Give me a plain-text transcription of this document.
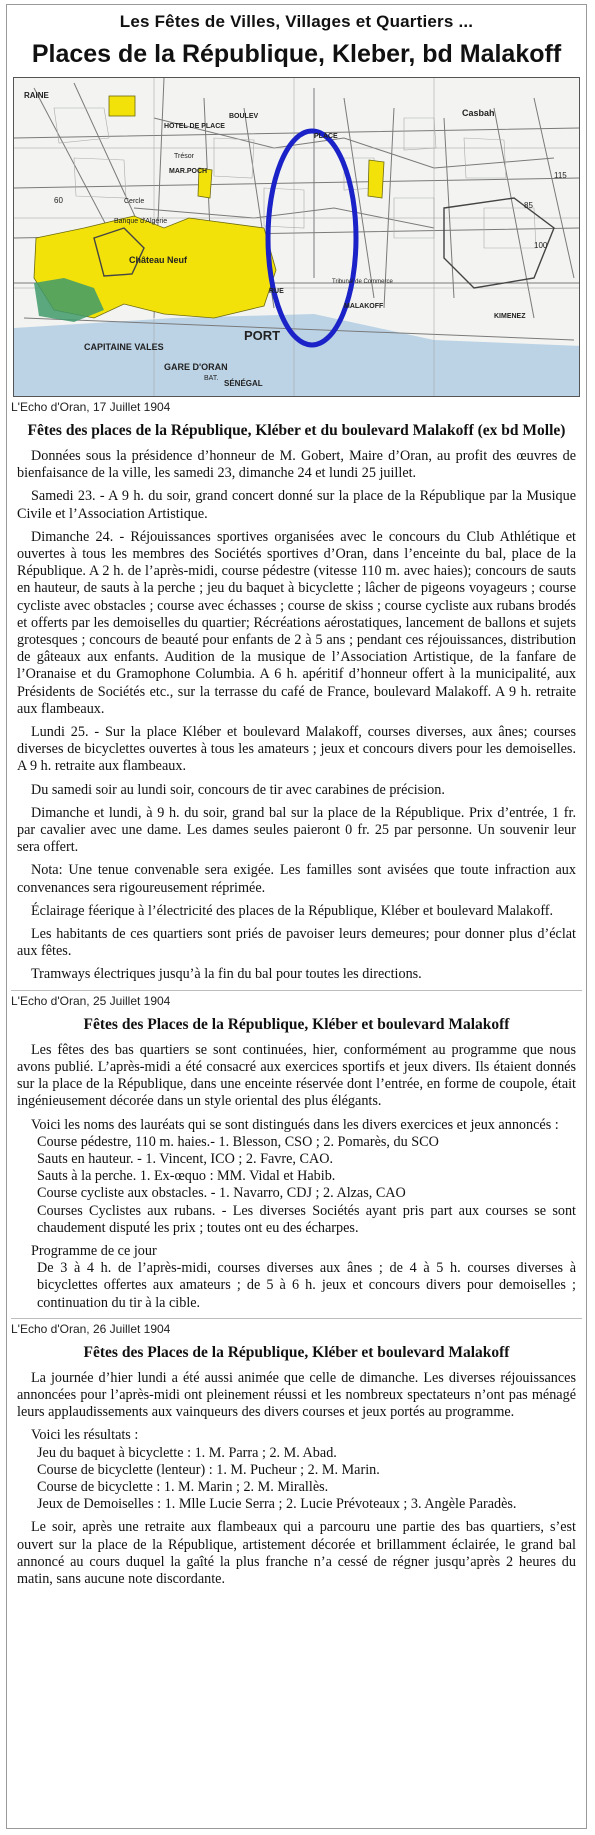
Les Fêtes de Villes, Villages et Quartiers ...
Places de la République, Kleber, bd Malakoff
RAINE
HOTEL DE PLACE
Trésor
MAR.POCH
Cercle
Banque d'Algérie
Château Neuf
BOULEV
PORT
RUE
CAPITAINE VALES
GARE D'ORAN
SÉNÉGAL
Casbah
MALAKOFF
Tribunal de Commerce
PLACE
85
115
100
60
BAT.
KIMENEZ
L'Echo d'Oran, 17 Juillet 1904
Fêtes des places de la République, Kléber et du boulevard Malakoff (ex bd Molle)

Données sous la présidence d’honneur de M. Gobert, Maire d’Oran, au profit des œuvres de bienfaisance de la ville, les samedi 23, dimanche 24 et lundi 25 juillet.

Samedi 23. - A 9 h. du soir, grand concert donné sur la place de la République par la Musique Civile et l’Association Artistique.

Dimanche 24. - Réjouissances sportives organisées avec le concours du Club Athlétique et ouvertes à tous les membres des Sociétés sportives d’Oran, dans l’enceinte du bal, place de la République. A 2 h. de l’après-midi, course pédestre (vitesse 110 m. avec haies); concours de sauts en hauteur, de sauts à la perche ; jeu du baquet à bicyclette ; lâcher de pigeons voyageurs ; course cycliste avec obstacles ; course avec échasses ; course de skiss ; course cycliste aux rubans brodés et offerts par les demoiselles du quartier; Récréations aérostatiques, lancement de ballons et sujets grotesques ; concours de beauté pour enfants de 2 à 5 ans ; pendant ces réjouissances, distribution de gâteaux aux enfants. Audition de la musique de l’Association Artistique, de la fanfare de l’Oranaise et du Gramophone Columbia. A 6 h. apéritif d’honneur offert à la municipalité, aux Présidents de Sociétés etc., sur la terrasse du café de France, boulevard Malakoff. A 9 h. retraite aux flambeaux.

Lundi 25. - Sur la place Kléber et boulevard Malakoff, courses diverses, aux ânes; courses diverses de bicyclettes ouvertes à tous les amateurs ; jeux et concours divers pour les demoiselles. A 9 h. retraite aux flambeaux.

Du samedi soir au lundi soir, concours de tir avec carabines de précision.

Dimanche et lundi, à 9 h. du soir, grand bal sur la place de la République. Prix d’entrée, 1 fr. par cavalier avec une dame. Les dames seules paieront 0 fr. 25 par personne. Un souvenir leur sera offert.

Nota: Une tenue convenable sera exigée. Les familles sont avisées que toute infraction aux convenances sera rigoureusement réprimée.

Éclairage féerique à l’électricité des places de la République, Kléber et boulevard Malakoff.

Les habitants de ces quartiers sont priés de pavoiser leurs demeures; pour donner plus d’éclat aux fêtes.

Tramways électriques jusqu’à la fin du bal pour toutes les directions.

L'Echo d'Oran, 25 Juillet 1904
Fêtes des Places de la République, Kléber et boulevard Malakoff

Les fêtes des bas quartiers se sont continuées, hier, conformément au programme que nous avons publié. L’après-midi a été consacré aux exercices sportifs et jeux divers. Ils étaient donnés sur la place de la République, dans une enceinte réservée dont l’entrée, en forme de coupole, était ingénieusement décorée dans un style oriental des plus élégants.

Voici les noms des lauréats qui se sont distingués dans les divers exercices et jeux annoncés :

Course pédestre, 110 m. haies.- 1. Blesson, CSO ; 2. Pomarès, du SCO
Sauts en hauteur. - 1. Vincent, ICO ; 2. Favre, CAO.
Sauts à la perche. 1. Ex-œquo : MM. Vidal et Habib.
Course cycliste aux obstacles. - 1. Navarro, CDJ ; 2. Alzas, CAO
Courses Cyclistes aux rubans. - Les diverses Sociétés ayant pris part aux courses se sont chaudement disputé les prix ; toutes ont eu des écharpes.

Programme de ce jour

De 3 à 4 h. de l’après-midi, courses diverses aux ânes ; de 4 à 5 h. courses diverses à bicyclettes offertes aux amateurs ; de 5 à 6 h. jeux et concours divers pour demoiselles ; continuation du tir à la cible.
L'Echo d'Oran, 26 Juillet 1904
Fêtes des Places de la République, Kléber et boulevard Malakoff

La journée d’hier lundi a été aussi animée que celle de dimanche. Les diverses réjouissances annoncées pour l’après-midi ont pleinement réussi et les nombreux spectateurs n’ont pas ménagé leurs applaudissements aux vainqueurs des divers courses et jeux portés au programme.

Voici les résultats :

Jeu du baquet à bicyclette : 1. M. Parra ; 2. M. Abad.
Course de bicyclette (lenteur) : 1. M. Pucheur ; 2. M. Marin.
Course de bicyclette : 1. M. Marin ; 2. M. Mirallès.
Jeux de Demoiselles : 1. Mlle Lucie Serra ; 2. Lucie Prévoteaux ; 3. Angèle Paradès.

Le soir, après une retraite aux flambeaux qui a parcouru une partie des bas quartiers, s’est ouvert sur la place de la République, artistement décorée et brillamment éclairée, le grand bal annoncé au cours duquel la gaîté la plus franche n’a cessé de régner jusqu’après 2 heures du matin, sans aucune note discordante.
